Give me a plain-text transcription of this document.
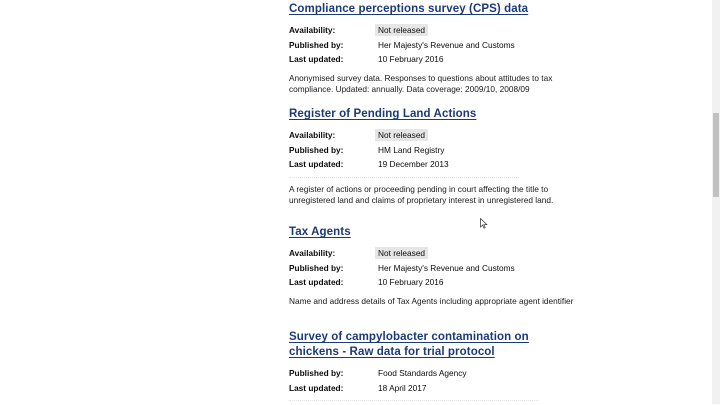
Compliance perceptions survey (CPS) data
Availability:	Not released
Published by:	Her Majesty's Revenue and Customs
Last updated:	10 February 2016
Anonymised survey data. Responses to questions about attitudes to tax compliance. Updated: annually. Data coverage: 2009/10, 2008/09
Register of Pending Land Actions
Availability:	Not released
Published by:	HM Land Registry
Last updated:	19 December 2013
A register of actions or proceeding pending in court affecting the title to unregistered land and claims of proprietary interest in unregistered land.
Tax Agents
Availability:	Not released
Published by:	Her Majesty's Revenue and Customs
Last updated:	10 February 2016
Name and address details of Tax Agents including appropriate agent identifier
Survey of campylobacter contamination on chickens - Raw data for trial protocol
Published by:	Food Standards Agency
Last updated:	18 April 2017
